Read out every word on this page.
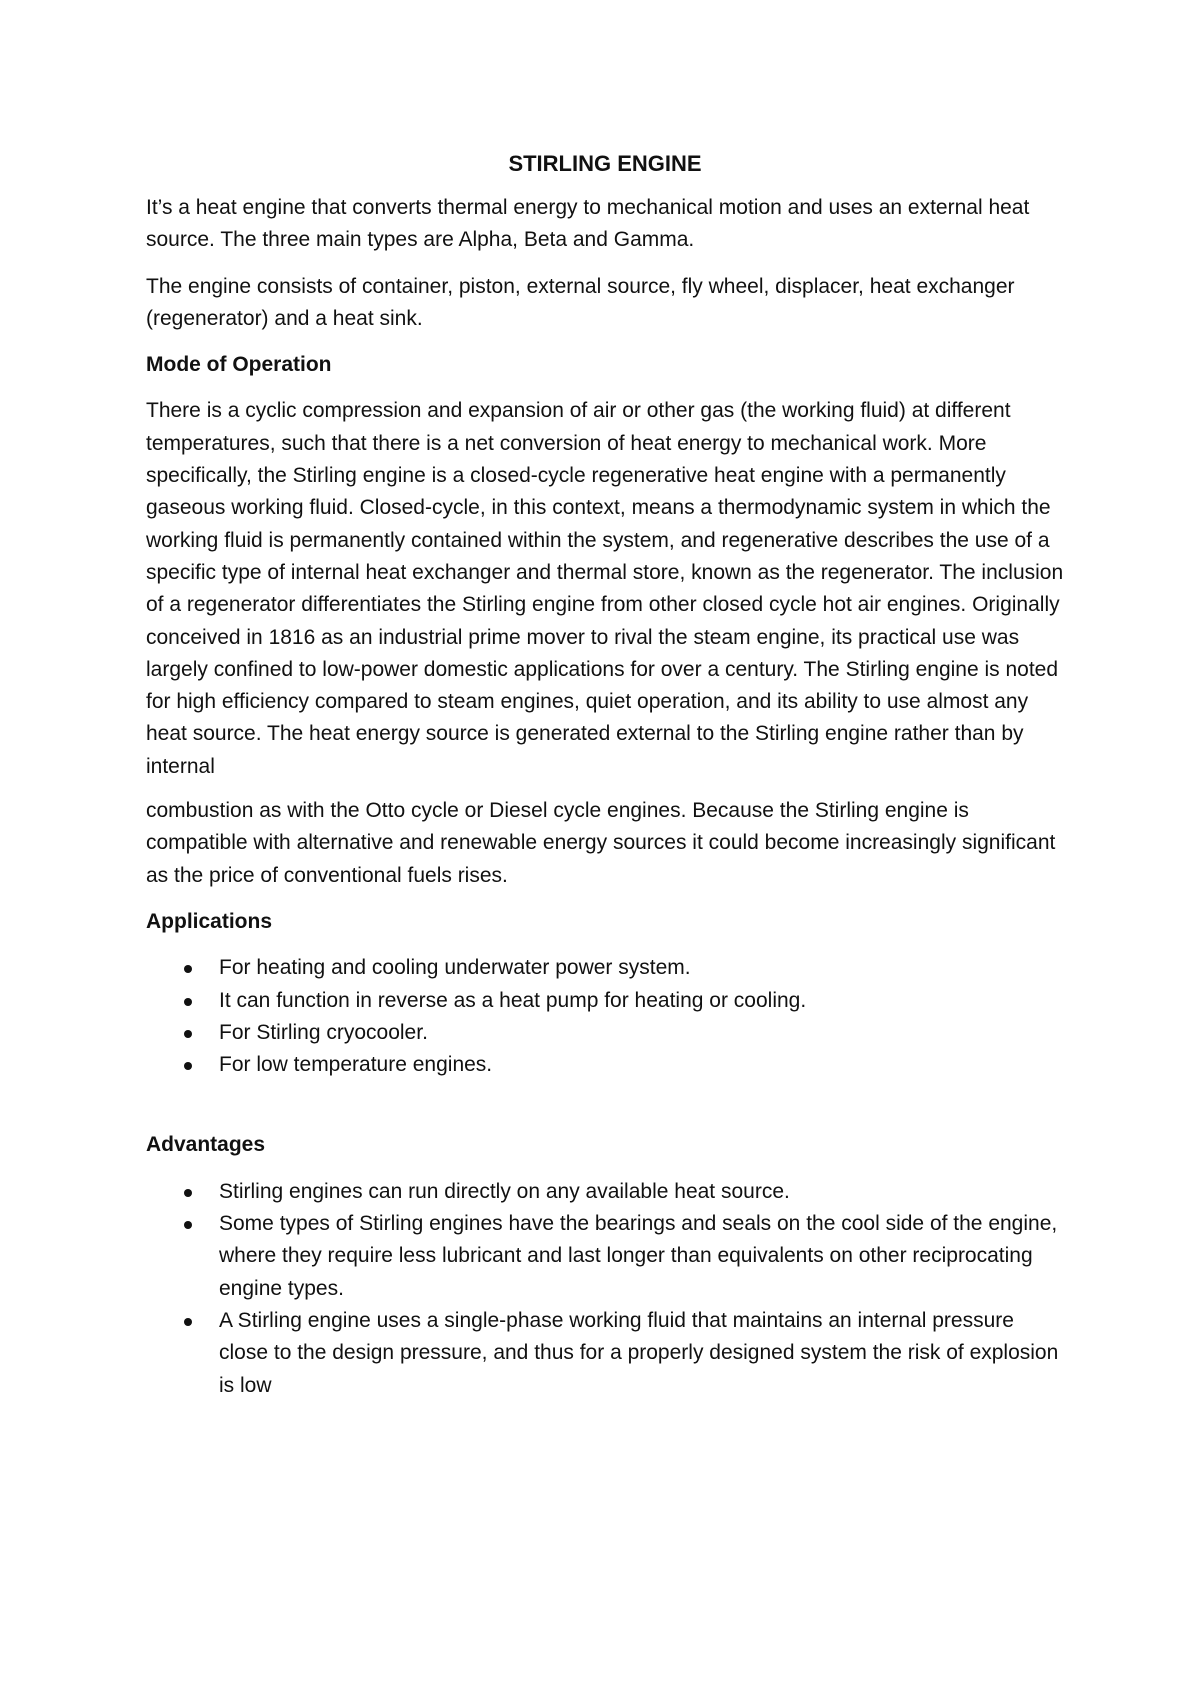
STIRLING ENGINE

It’s a heat engine that converts thermal energy to mechanical motion and uses an external heat source. The three main types are Alpha, Beta and Gamma.

The engine consists of container, piston, external source, fly wheel, displacer, heat exchanger (regenerator) and a heat sink.

Mode of Operation

There is a cyclic compression and expansion of air or other gas (the working fluid) at different temperatures, such that there is a net conversion of heat energy to mechanical work. More specifically, the Stirling engine is a closed-cycle regenerative heat engine with a permanently gaseous working fluid. Closed-cycle, in this context, means a thermodynamic system in which the working fluid is permanently contained within the system, and regenerative describes the use of a specific type of internal heat exchanger and thermal store, known as the regenerator. The inclusion of a regenerator differentiates the Stirling engine from other closed cycle hot air engines. Originally conceived in 1816 as an industrial prime mover to rival the steam engine, its practical use was largely confined to low-power domestic applications for over a century. The Stirling engine is noted for high efficiency compared to steam engines, quiet operation, and its ability to use almost any heat source. The heat energy source is generated external to the Stirling engine rather than by internal

combustion as with the Otto cycle or Diesel cycle engines. Because the Stirling engine is compatible with alternative and renewable energy sources it could become increasingly significant as the price of conventional fuels rises.

Applications
For heating and cooling underwater power system.
It can function in reverse as a heat pump for heating or cooling.
For Stirling cryocooler.
For low temperature engines.
Advantages
Stirling engines can run directly on any available heat source.
Some types of Stirling engines have the bearings and seals on the cool side of the engine, where they require less lubricant and last longer than equivalents on other reciprocating engine types.
A Stirling engine uses a single-phase working fluid that maintains an internal pressure close to the design pressure, and thus for a properly designed system the risk of explosion is low
